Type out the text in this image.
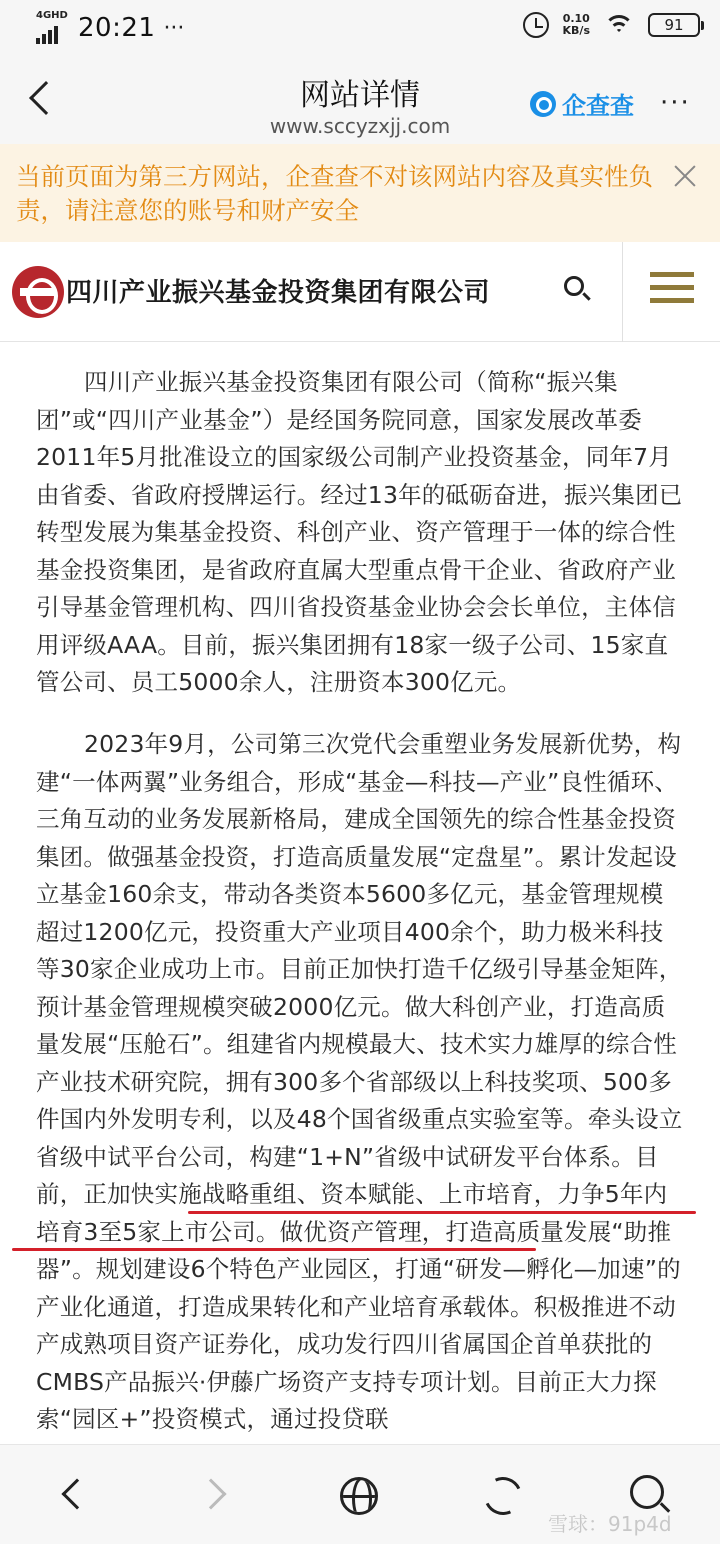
4GHD 20:21 ···	0.10
KB/s	91
网站详情
www.sccyzxjj.com
企查查 ···
当前页面为第三方网站，企查查不对该网站内容及真实性负责，请注意您的账号和财产安全
四川产业振兴基金投资集团有限公司

四川产业振兴基金投资集团有限公司（简称“振兴集团”或“四川产业基金”）是经国务院同意，国家发展改革委2011年5月批准设立的国家级公司制产业投资基金，同年7月由省委、省政府授牌运行。经过13年的砥砺奋进，振兴集团已转型发展为集基金投资、科创产业、资产管理于一体的综合性基金投资集团，是省政府直属大型重点骨干企业、省政府产业引导基金管理机构、四川省投资基金业协会会长单位，主体信用评级AAA。目前，振兴集团拥有18家一级子公司、15家直管公司、员工5000余人，注册资本300亿元。

2023年9月，公司第三次党代会重塑业务发展新优势，构建“一体两翼”业务组合，形成“基金—科技—产业”良性循环、三角互动的业务发展新格局，建成全国领先的综合性基金投资集团。做强基金投资，打造高质量发展“定盘星”。累计发起设立基金160余支，带动各类资本5600多亿元，基金管理规模超过1200亿元，投资重大产业项目400余个，助力极米科技等30家企业成功上市。目前正加快打造千亿级引导基金矩阵，预计基金管理规模突破2000亿元。做大科创产业，打造高质量发展“压舱石”。组建省内规模最大、技术实力雄厚的综合性产业技术研究院，拥有300多个省部级以上科技奖项、500多件国内外发明专利，以及48个国省级重点实验室等。牵头设立省级中试平台公司，构建“1+N”省级中试研发平台体系。目前，正加快实施战略重组、资本赋能、上市培育，力争5年内培育3至5家上市公司。做优资产管理，打造高质量发展“助推器”。规划建设6个特色产业园区，打通“研发—孵化—加速”的产业化通道，打造成果转化和产业培育承载体。积极推进不动产成熟项目资产证券化，成功发行四川省属国企首单获批的CMBS产品振兴·伊藤广场资产支持专项计划。目前正大力探索“园区+”投资模式，通过投贷联

雪球：91p4d
